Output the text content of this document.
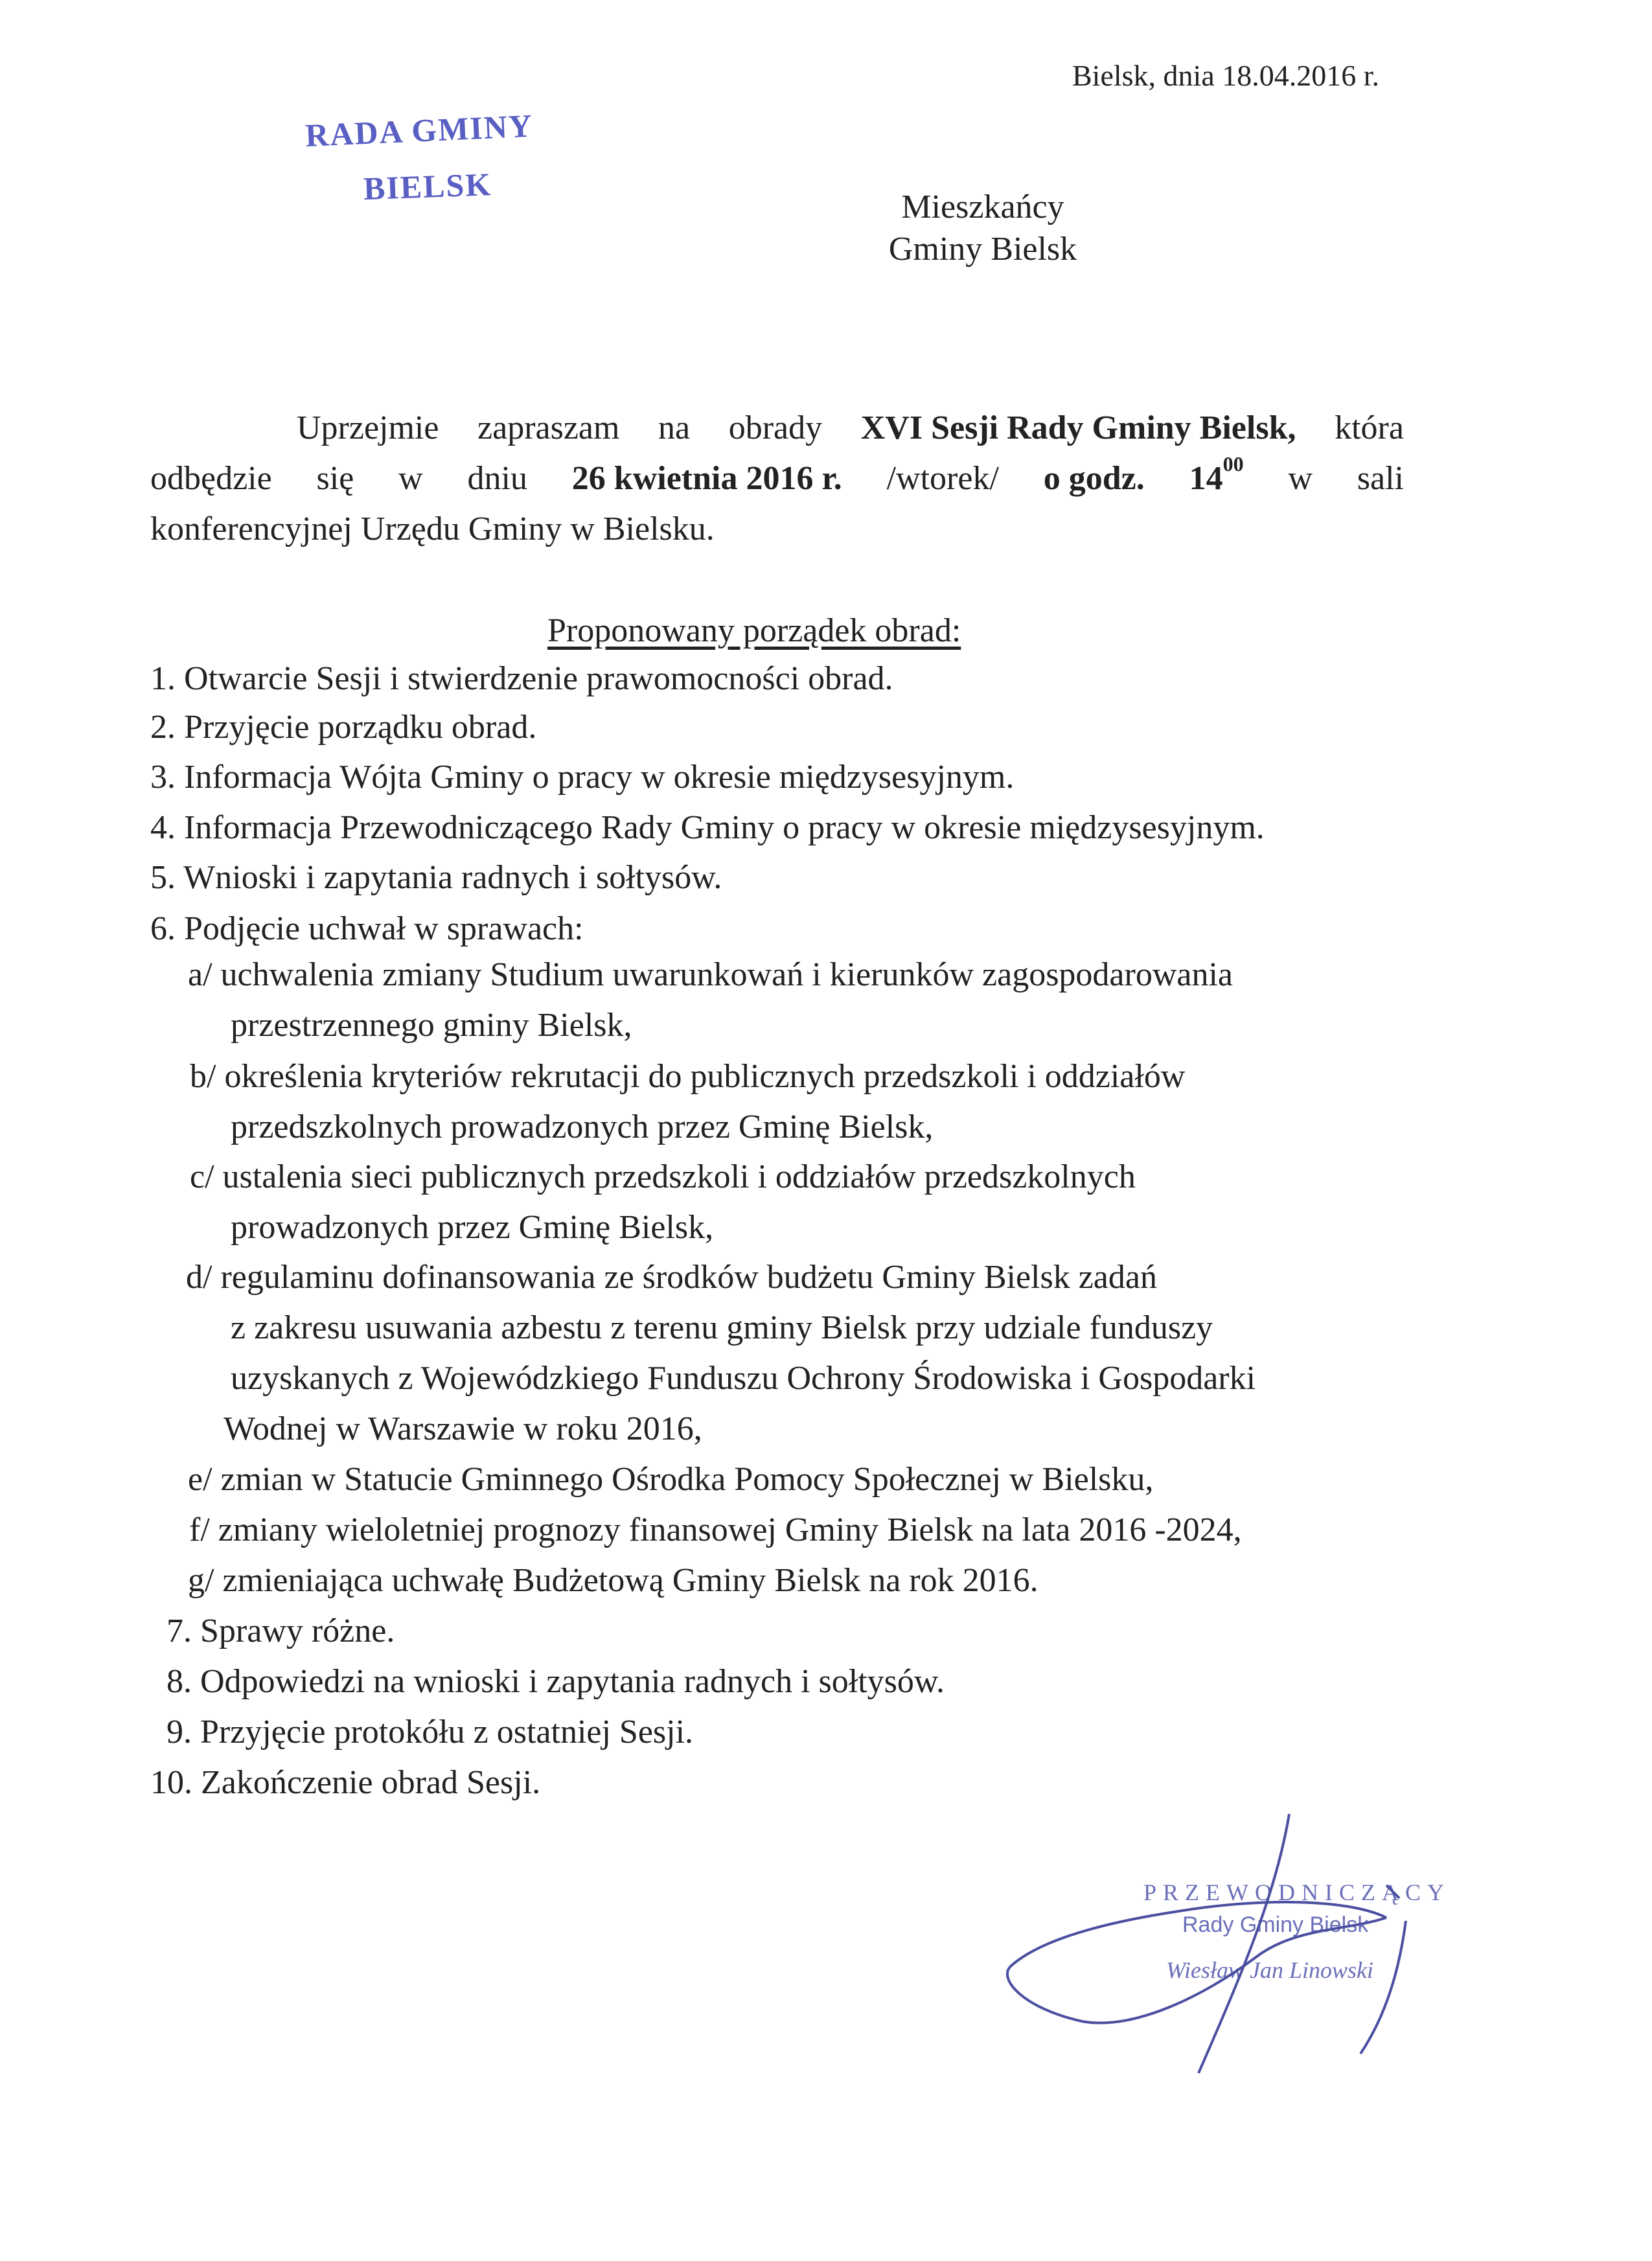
Bielsk, dnia 18.04.2016 r.
RADA GMINY
BIELSK
Mieszkańcy
Gminy Bielsk
Uprzejmie zapraszam na obrady XVI Sesji Rady Gminy Bielsk, która
odbędzie się w dniu 26 kwietnia 2016 r. /wtorek/ o godz. $14^{00}$ w sali
konferencyjnej Urzędu Gminy w Bielsku.
Proponowany porządek obrad:
1. Otwarcie Sesji i stwierdzenie prawomocności obrad.
2. Przyjęcie porządku obrad.
3. Informacja Wójta Gminy o pracy w okresie międzysesyjnym.
4. Informacja Przewodniczącego Rady Gminy o pracy w okresie międzysesyjnym.
5. Wnioski i zapytania radnych i sołtysów.
6. Podjęcie uchwał w sprawach:
a/ uchwalenia zmiany Studium uwarunkowań i kierunków zagospodarowania
przestrzennego gminy Bielsk,
b/ określenia kryteriów rekrutacji do publicznych przedszkoli i oddziałów
przedszkolnych prowadzonych przez Gminę Bielsk,
c/ ustalenia sieci publicznych przedszkoli i oddziałów przedszkolnych
prowadzonych przez Gminę Bielsk,
d/ regulaminu dofinansowania ze środków budżetu Gminy Bielsk zadań
z zakresu usuwania azbestu z terenu gminy Bielsk przy udziale funduszy
uzyskanych z Wojewódzkiego Funduszu Ochrony Środowiska i Gospodarki
Wodnej w Warszawie w roku 2016,
e/ zmian w Statucie Gminnego Ośrodka Pomocy Społecznej w Bielsku,
f/ zmiany wieloletniej prognozy finansowej Gminy Bielsk na lata 2016 -2024,
g/ zmieniająca uchwałę Budżetową Gminy Bielsk na rok 2016.
7. Sprawy różne.
8. Odpowiedzi na wnioski i zapytania radnych i sołtysów.
9. Przyjęcie protokółu z ostatniej Sesji.
10. Zakończenie obrad Sesji.
PRZEWODNICZĄCY
Rady Gminy Bielsk
Wiesław Jan Linowski
